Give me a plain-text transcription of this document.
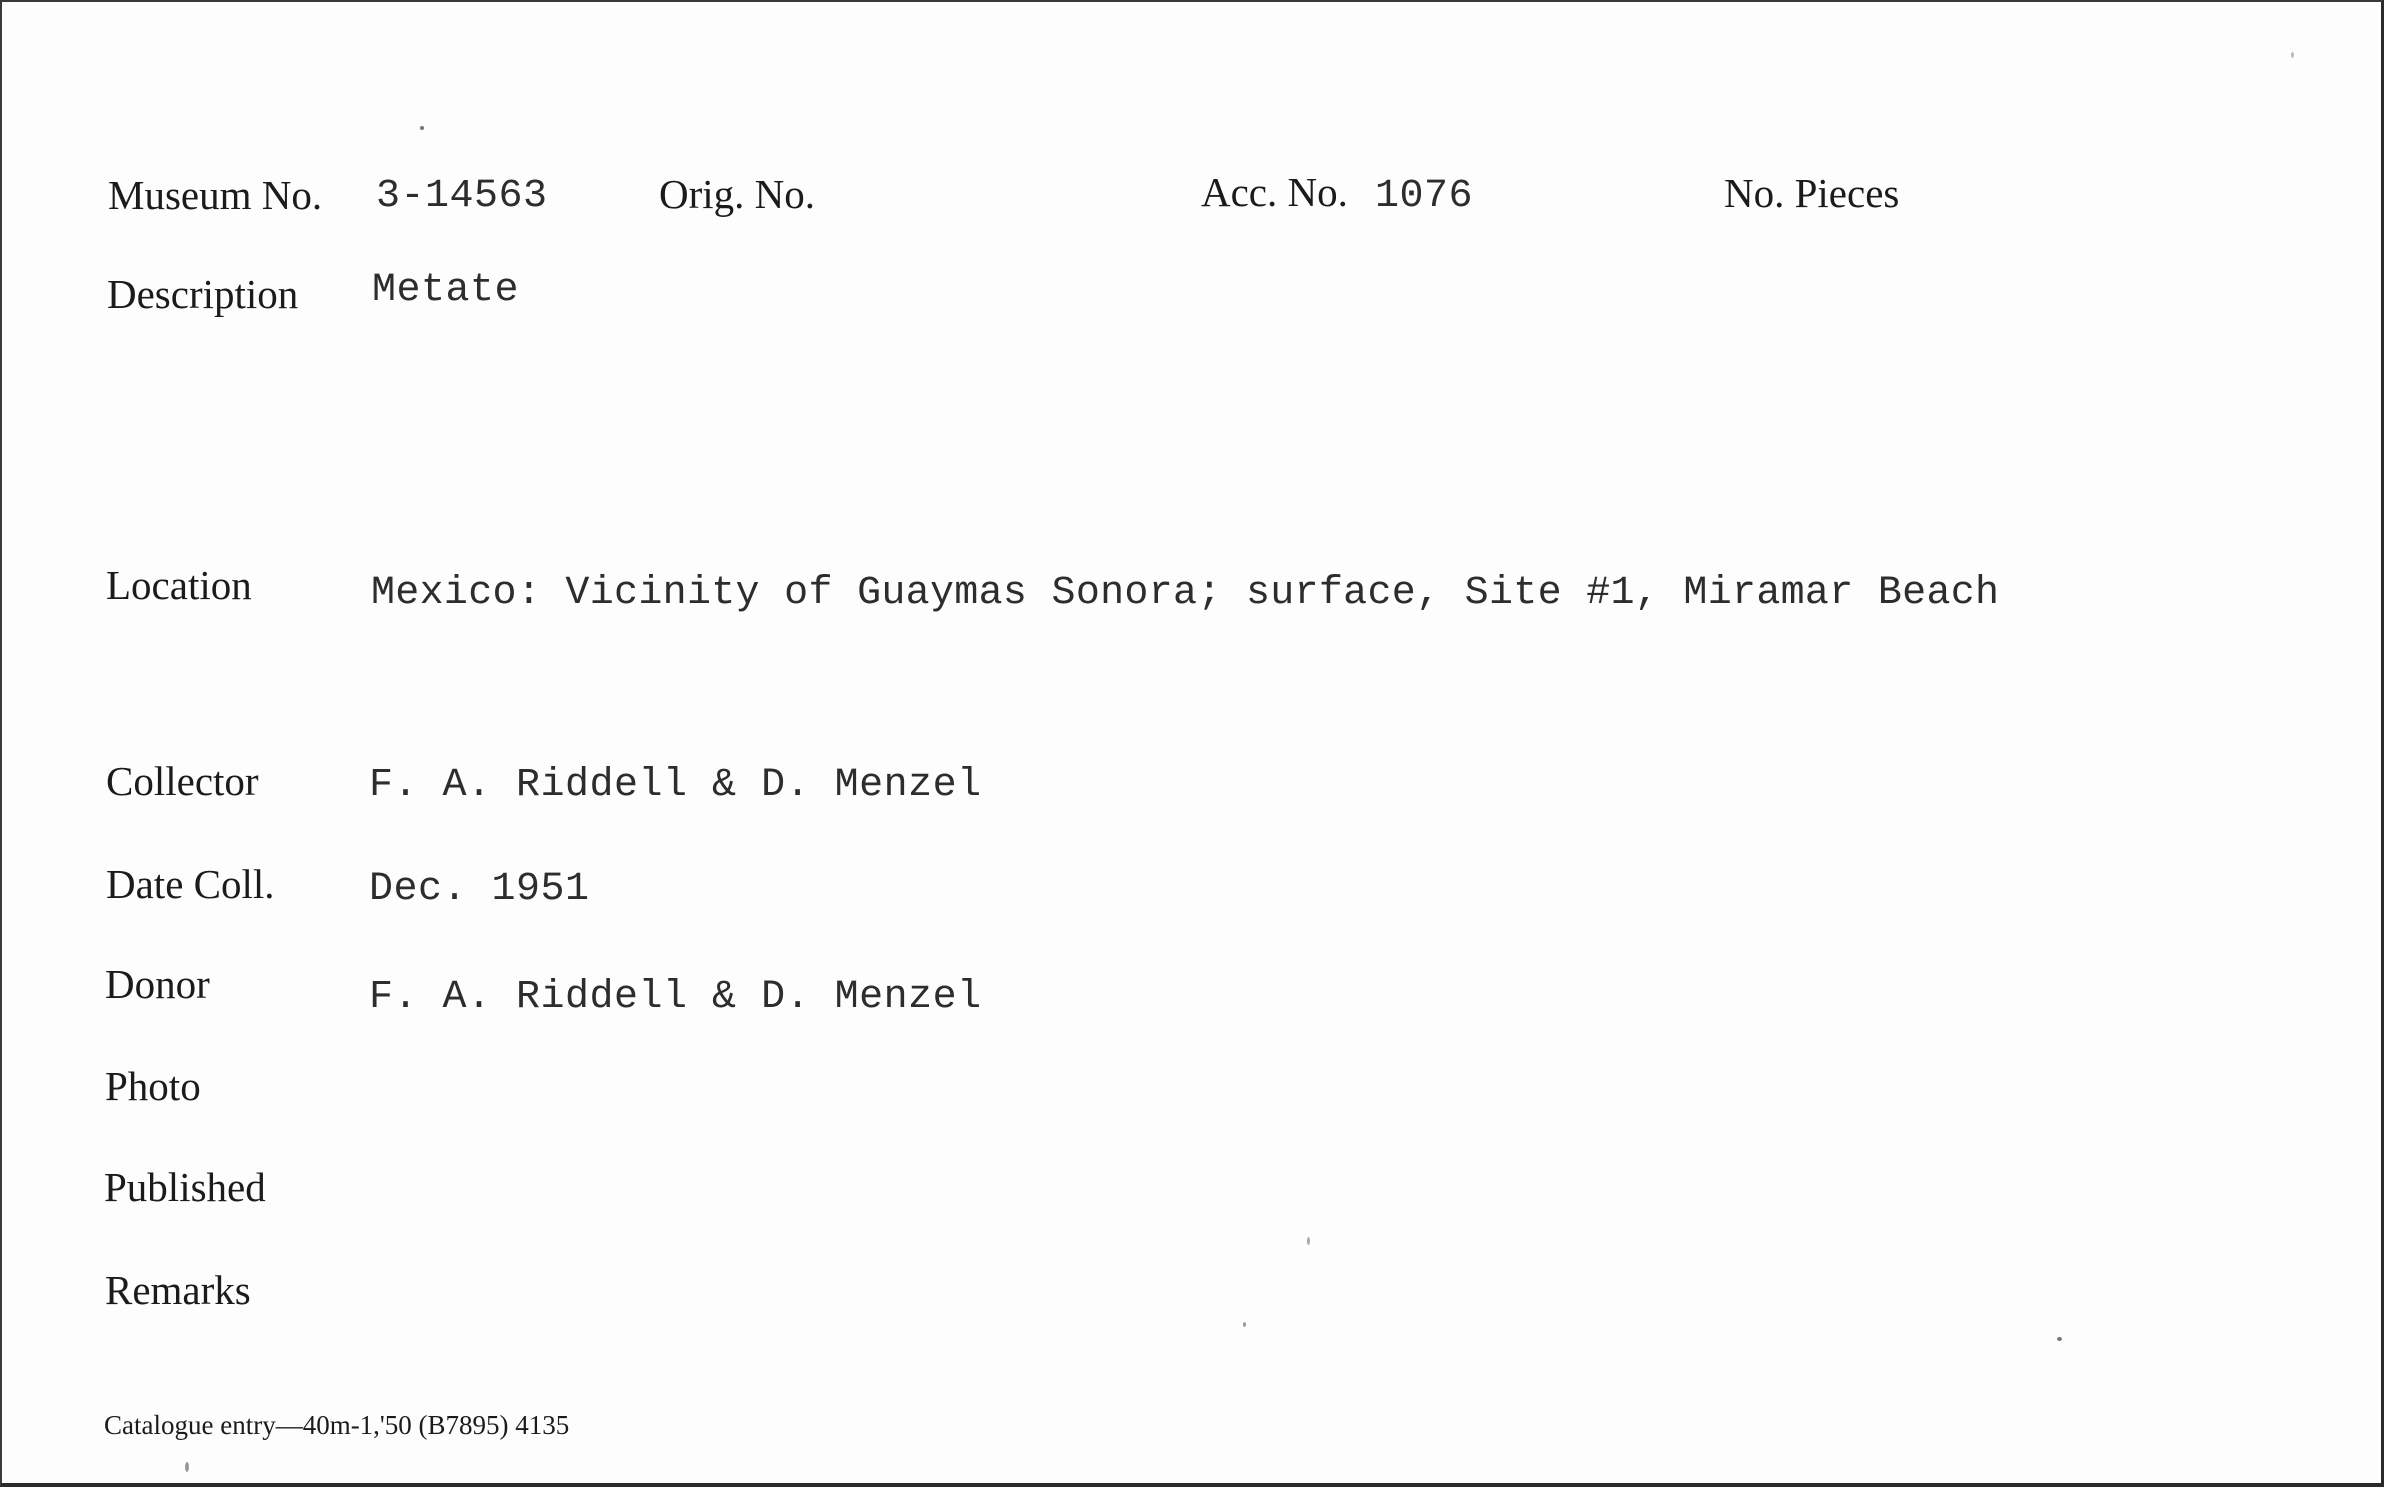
Museum No. 3-14563	Orig. No.	Acc. No. 1076	No. Pieces
Description Metate
Location	Mexico: Vicinity of Guaymas Sonora; surface, Site #1, Miramar Beach
Collector	F. A. Riddell & D. Menzel
Date Coll. Dec. 1951
Donor	F. A. Riddell & D. Menzel
Photo
Published
Remarks
Catalogue entry—40m-1,'50 (B7895) 4135
